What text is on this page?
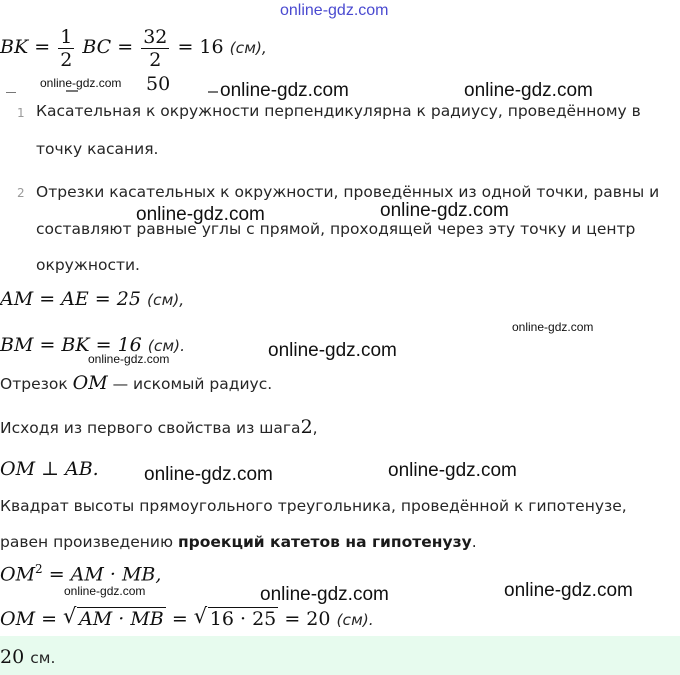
online-gdz.com
BK = $\frac{1}{2}$ BC = $\frac{32}{2} = 16$ (см),
50
online-gdz.com	online-gdz.com	online-gdz.com
1 Касательная к окружности перпендикулярна к радиусу, проведённому в
точку касания.
2 Отрезки касательных к окружности, проведённых из одной точки, равны и
составляют равные углы с прямой, проходящей через эту точку и центр
окружности.
online-gdz.com	online-gdz.com
AM = AE = 25 (см),
online-gdz.com
BM = BK = 16 (см).
online-gdz.com	online-gdz.com
Отрезок OM — искомый радиус.
Исходя из первого свойства из шага2,
OM ⊥ AB. online-gdz.com	online-gdz.com
Квадрат высоты прямоугольного треугольника, проведённой к гипотенузе,
равен произведению проекций катетов на гипотенузу.
$OM^2$ = AM · MB,
online-gdz.com	online-gdz.com	online-gdz.com
OM = √ AM · MB = √ 16 · 25 = 20 (см).
20 см.
